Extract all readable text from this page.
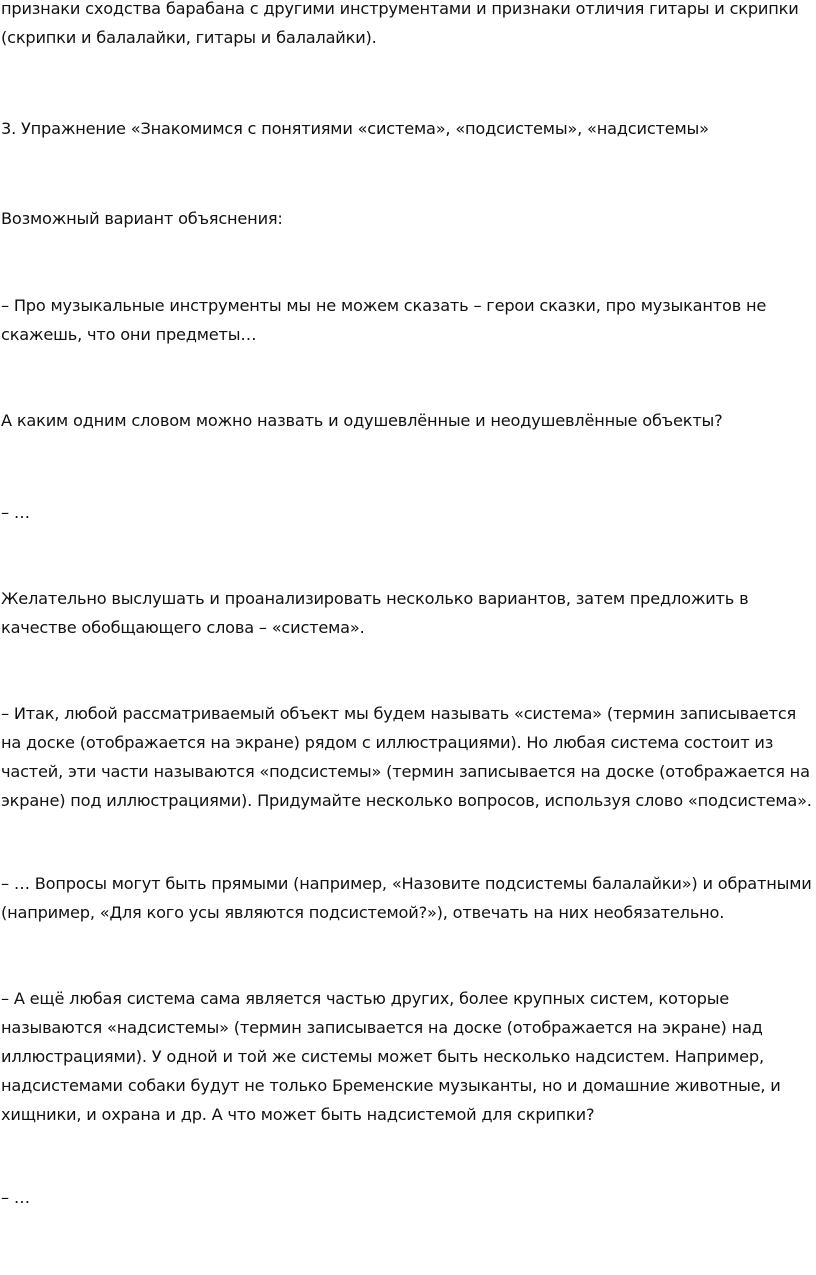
признаки сходства барабана с другими инструментами и признаки отличия гитары и скрипки (скрипки и балалайки, гитары и балалайки).

3. Упражнение «Знакомимся с понятиями «система», «подсистемы», «надсистемы»

Возможный вариант объяснения:

– Про музыкальные инструменты мы не можем сказать – герои сказки, про музыкантов не скажешь, что они предметы…

А каким одним словом можно назвать и одушевлённые и неодушевлённые объекты?

– …

Желательно выслушать и проанализировать несколько вариантов, затем предложить в качестве обобщающего слова – «система».

– Итак, любой рассматриваемый объект мы будем называть «система» (термин записывается на доске (отображается на экране) рядом с иллюстрациями). Но любая система состоит из частей, эти части называются «подсистемы» (термин записывается на доске (отображается на экране) под иллюстрациями). Придумайте несколько вопросов, используя слово «подсистема».

– … Вопросы могут быть прямыми (например, «Назовите подсистемы балалайки») и обратными (например, «Для кого усы являются подсистемой?»), отвечать на них необязательно.

– А ещё любая система сама является частью других, более крупных систем, которые называются «надсистемы» (термин записывается на доске (отображается на экране) над иллюстрациями). У одной и той же системы может быть несколько надсистем. Например, надсистемами собаки будут не только Бременские музыканты, но и домашние животные, и хищники, и охрана и др. А что может быть надсистемой для скрипки?

– …
